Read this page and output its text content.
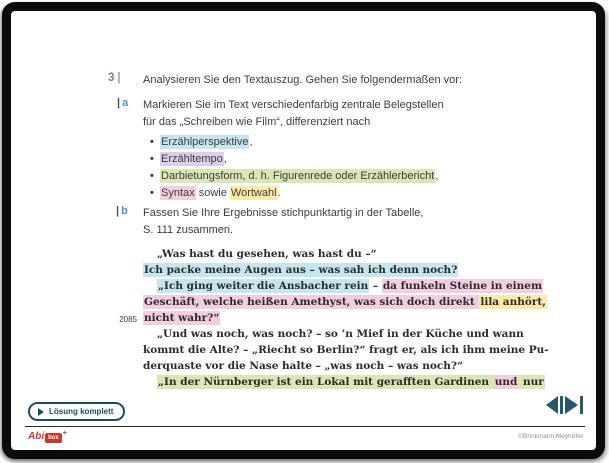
3 | Analysieren Sie den Textauszug. Gehen Sie folgendermaßen vor:
| a Markieren Sie im Text verschiedenfarbig zentrale Belegstellen
für das „Schreiben wie Film“, differenziert nach
• Erzählperspektive,
• Erzähltempo,
• Darbietungsform, d. h. Figurenrede oder Erzählerbericht,
• Syntax sowie Wortwahl.
| b Fassen Sie Ihre Ergebnisse stichpunktartig in der Tabelle,
S. 111 zusammen.
„Was hast du gesehen, was hast du –“
Ich packe meine Augen aus – was sah ich denn noch?
„Ich ging weiter die Ansbacher rein – da funkeln Steine in einem
Geschäft, welche heißen Amethyst, was sich doch direkt lila anhört,
2085 nicht wahr?“
„Und was noch, was noch? – so ’n Mief in der Küche und wann
kommt die Alte? – „Riecht so Berlin?“ fragt er, als ich ihm meine Pu-
derquaste vor die Nase halte – „was noch – was noch?“
„In der Nürnberger ist ein Lokal mit gerafften Gardinen und nur
Lösung komplett
Abi box
+	©Brinkmann.Meyhöfer
